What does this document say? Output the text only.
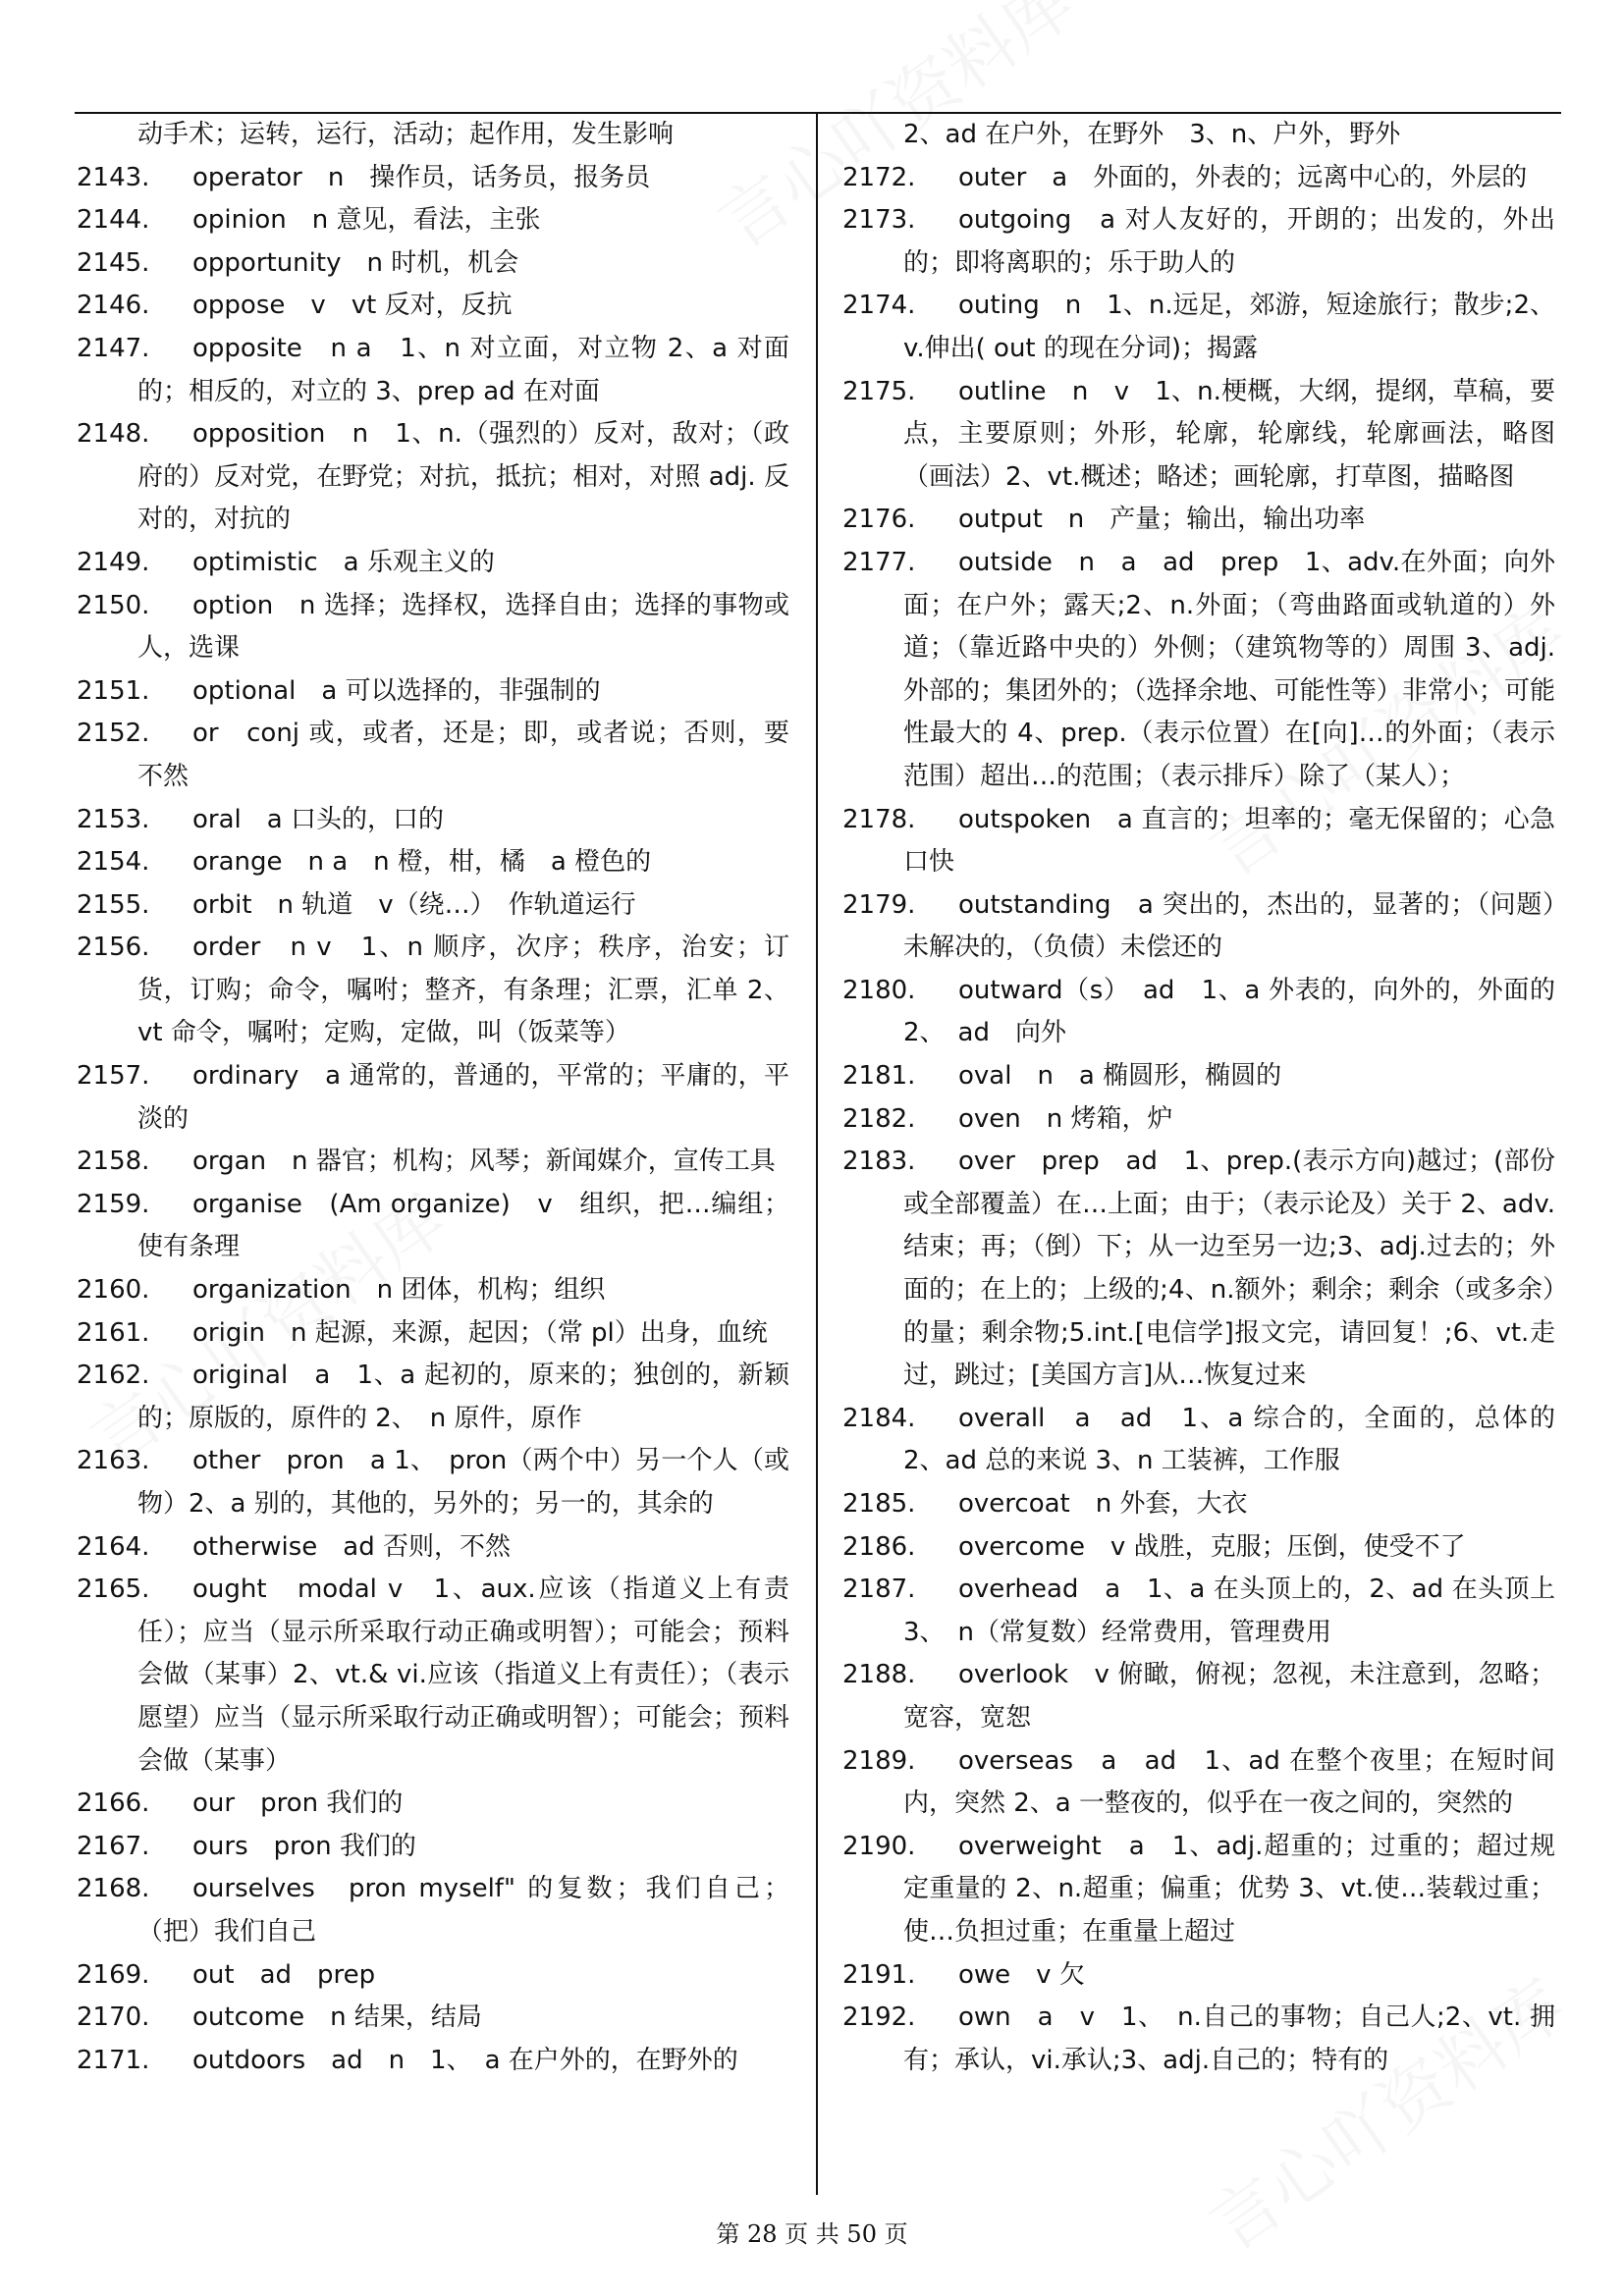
动手术；运转，运行，活动；起作用，发生影响
2143. operator　n　操作员，话务员，报务员
2144. opinion　n 意见，看法，主张
2145. opportunity　n 时机，机会
2146. oppose　v　vt 反对，反抗
2147. opposite　n a　1、n 对立面，对立物 2、a 对面的；相反的，对立的 3、prep ad 在对面
2148. opposition　n　1、n.（强烈的）反对，敌对；（政府的）反对党，在野党；对抗，抵抗；相对，对照 adj. 反对的，对抗的
2149. optimistic　a 乐观主义的
2150. option　n 选择；选择权，选择自由；选择的事物或人，选课
2151. optional　a 可以选择的，非强制的
2152. or　conj 或，或者，还是；即，或者说；否则，要不然
2153. oral　a 口头的，口的
2154. orange　n a　n 橙，柑，橘　a 橙色的
2155. orbit　n 轨道　v（绕…）　作轨道运行
2156. order　n v　1、n 顺序，次序；秩序，治安；订货，订购；命令，嘱咐；整齐，有条理；汇票，汇单 2、vt 命令，嘱咐；定购，定做，叫（饭菜等）
2157. ordinary　a 通常的，普通的，平常的；平庸的，平淡的
2158. organ　n 器官；机构；风琴；新闻媒介，宣传工具
2159. organise　(Am organize)　v　组织，把…编组；使有条理
2160. organization　n 团体，机构；组织
2161. origin　n 起源，来源，起因；（常 pl）出身，血统
2162. original　a　1、a 起初的，原来的；独创的，新颖的；原版的，原件的 2、　n 原件，原作
2163. other　pron　a 1、　pron（两个中）另一个人（或物）2、a 别的，其他的，另外的；另一的，其余的
2164. otherwise　ad 否则，不然
2165. ought　modal v　1、aux.应该（指道义上有责任）；应当（显示所采取行动正确或明智）；可能会；预料会做（某事）2、vt.& vi.应该（指道义上有责任）；（表示愿望）应当（显示所采取行动正确或明智）；可能会；预料会做（某事）
2166. our　pron 我们的
2167. ours　pron 我们的
2168. ourselves　pron myself" 的复数；我们自己；（把）我们自己
2169. out　ad　prep
2170. outcome　n 结果，结局
2171. outdoors　ad　n　1、　a 在户外的，在野外的
2、ad 在户外，在野外　3、n、户外，野外
2172. outer　a　外面的，外表的；远离中心的，外层的
2173. outgoing　a 对人友好的，开朗的；出发的，外出的；即将离职的；乐于助人的
2174. outing　n　1、n.远足，郊游，短途旅行；散步;2、v.伸出( out 的现在分词)；揭露
2175. outline　n　v　1、n.梗概，大纲，提纲，草稿，要点，主要原则；外形，轮廓，轮廓线，轮廓画法，略图（画法）2、vt.概述；略述；画轮廓，打草图，描略图
2176. output　n　产量；输出，输出功率
2177. outside　n　a　ad　prep　1、adv.在外面；向外面；在户外；露天;2、n.外面；（弯曲路面或轨道的）外道；（靠近路中央的）外侧；（建筑物等的）周围 3、adj.外部的；集团外的；（选择余地、可能性等）非常小；可能性最大的 4、prep.（表示位置）在[向]…的外面；（表示范围）超出…的范围；（表示排斥）除了（某人）；
2178. outspoken　a 直言的；坦率的；毫无保留的；心急口快
2179. outstanding　a 突出的，杰出的，显著的；（问题）未解决的，（负债）未偿还的
2180. outward（s）　ad　1、a 外表的，向外的，外面的 2、　ad　向外
2181. oval　n　a 椭圆形，椭圆的
2182. oven　n 烤箱，炉
2183. over　prep　ad　1、prep.(表示方向)越过；(部份或全部覆盖）在…上面；由于；（表示论及）关于 2、adv.结束；再；（倒）下；从一边至另一边;3、adj.过去的；外面的；在上的；上级的;4、n.额外；剩余；剩余（或多余）的量；剩余物;5.int.[电信学]报文完，请回复！;6、vt.走过，跳过；[美国方言]从…恢复过来
2184. overall　a　ad　1、a 综合的，全面的，总体的 2、ad 总的来说 3、n 工装裤，工作服
2185. overcoat　n 外套，大衣
2186. overcome　v 战胜，克服；压倒，使受不了
2187. overhead　a　1、a 在头顶上的，2、ad 在头顶上 3、　n（常复数）经常费用，管理费用
2188. overlook　v 俯瞰，俯视；忽视，未注意到，忽略；宽容，宽恕
2189. overseas　a　ad　1、ad 在整个夜里；在短时间内，突然 2、a 一整夜的，似乎在一夜之间的，突然的
2190. overweight　a　1、adj.超重的；过重的；超过规定重量的 2、n.超重；偏重；优势 3、vt.使…装载过重；使…负担过重；在重量上超过
2191. owe　v 欠
2192. own　a　v　1、　n.自己的事物；自己人;2、vt. 拥有；承认，vi.承认;3、adj.自己的；特有的
第 28 页 共 50 页
